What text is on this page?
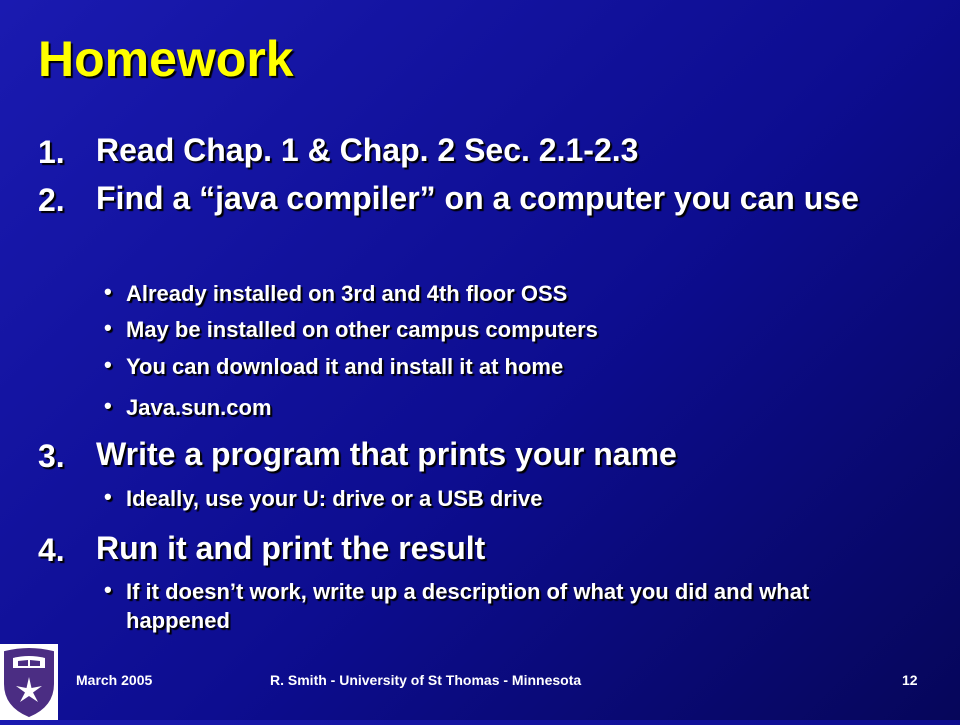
Homework
1. Read Chap. 1 & Chap. 2 Sec. 2.1-2.3
2. Find a “java compiler” on a computer you can use
• Already installed on 3rd and 4th floor OSS
• May be installed on other campus computers
• You can download it and install it at home
• Java.sun.com
3. Write a program that prints your name
• Ideally, use your U: drive or a USB drive
4. Run it and print the result
• If it doesn’t work, write up a description of what you did and what happened
March 2005	R. Smith - University of St Thomas - Minnesota	12
